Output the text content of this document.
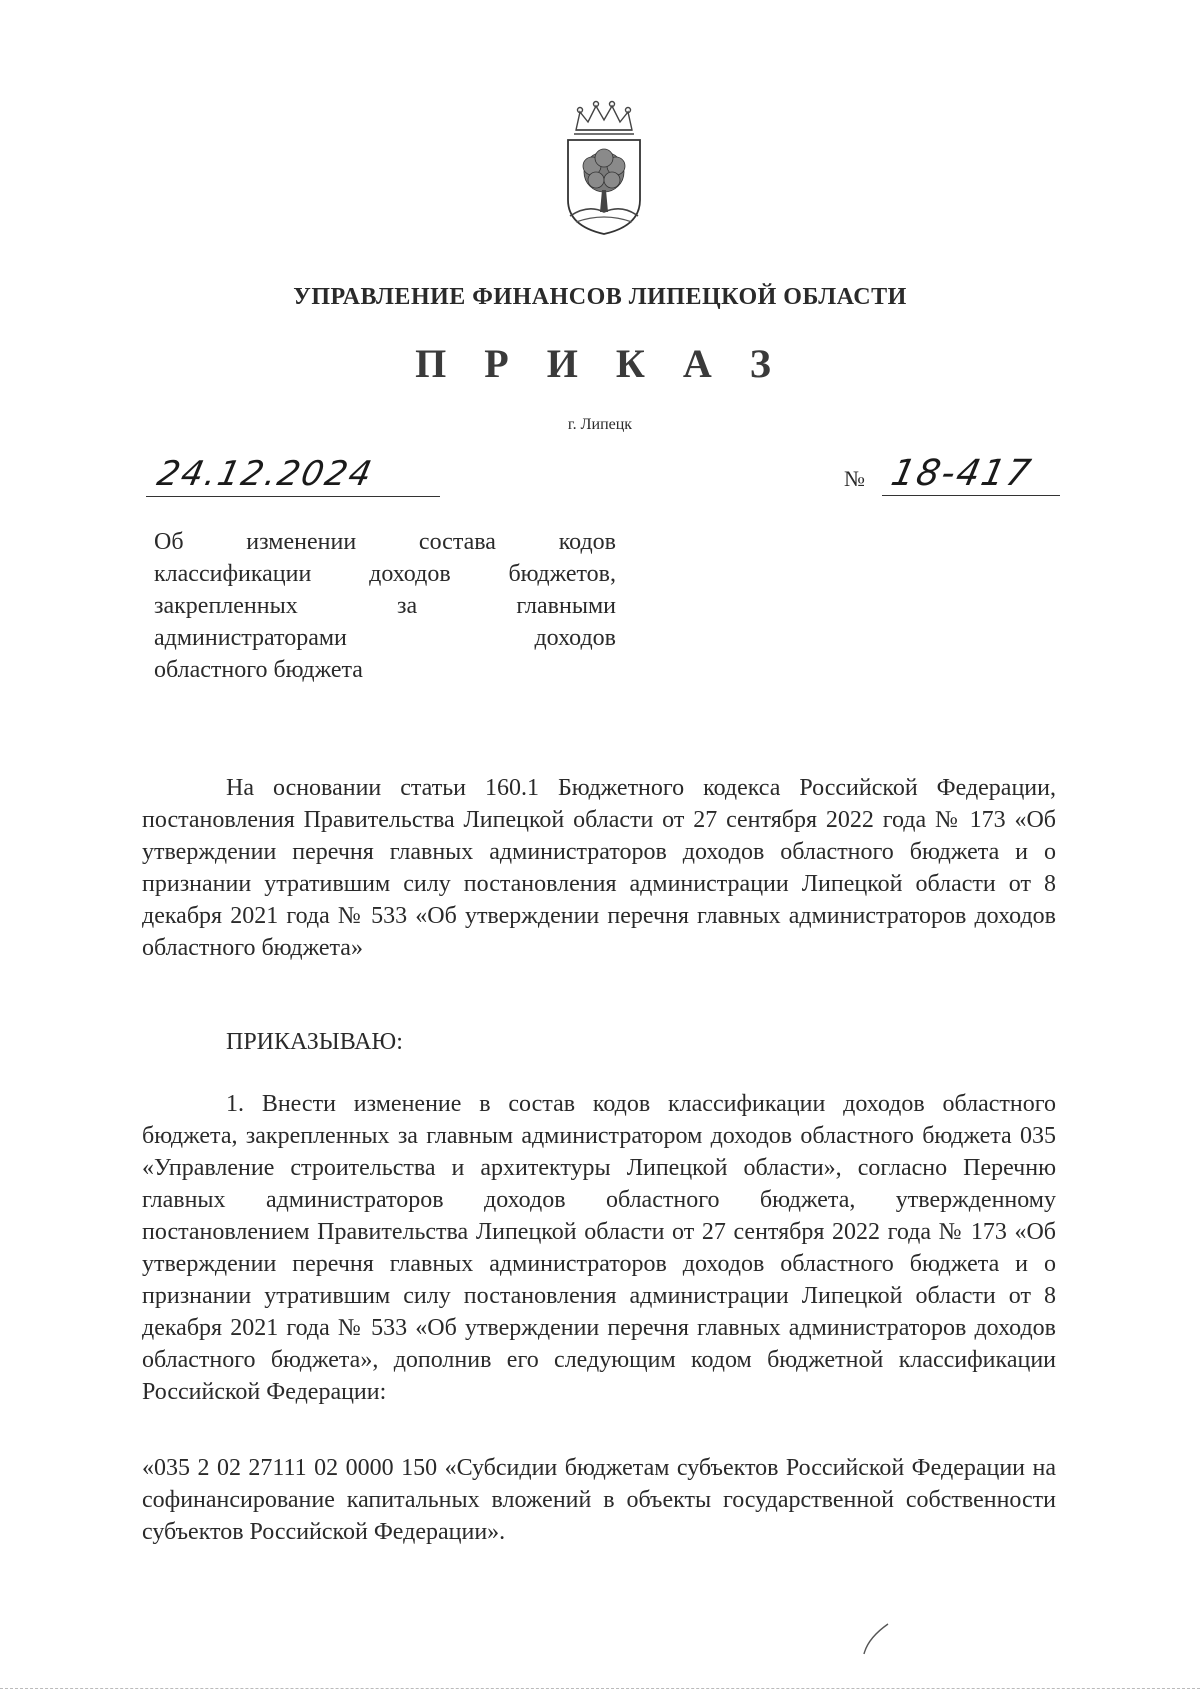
УПРАВЛЕНИЕ ФИНАНСОВ ЛИПЕЦКОЙ ОБЛАСТИ
П Р И К А З
г. Липецк
24.12.2024	№ 18-417
Об изменении состава кодов
классификации доходов бюджетов,
закрепленных за главными
администраторами доходов
областного бюджета

На основании статьи 160.1 Бюджетного кодекса Российской Федерации, постановления Правительства Липецкой области от 27 сентября 2022 года № 173 «Об утверждении перечня главных администраторов доходов областного бюджета и о признании утратившим силу постановления администрации Липецкой области от 8 декабря 2021 года № 533 «Об утверждении перечня главных администраторов доходов областного бюджета»

ПРИКАЗЫВАЮ:

1. Внести изменение в состав кодов классификации доходов областного бюджета, закрепленных за главным администратором доходов областного бюджета 035 «Управление строительства и архитектуры Липецкой области», согласно Перечню главных администраторов доходов областного бюджета, утвержденному постановлением Правительства Липецкой области от 27 сентября 2022 года № 173 «Об утверждении перечня главных администраторов доходов областного бюджета и о признании утратившим силу постановления администрации Липецкой области от 8 декабря 2021 года № 533 «Об утверждении перечня главных администраторов доходов областного бюджета», дополнив его следующим кодом бюджетной классификации Российской Федерации:

«035 2 02 27111 02 0000 150 «Субсидии бюджетам субъектов Российской Федерации на софинансирование капитальных вложений в объекты государственной собственности субъектов Российской Федерации».
